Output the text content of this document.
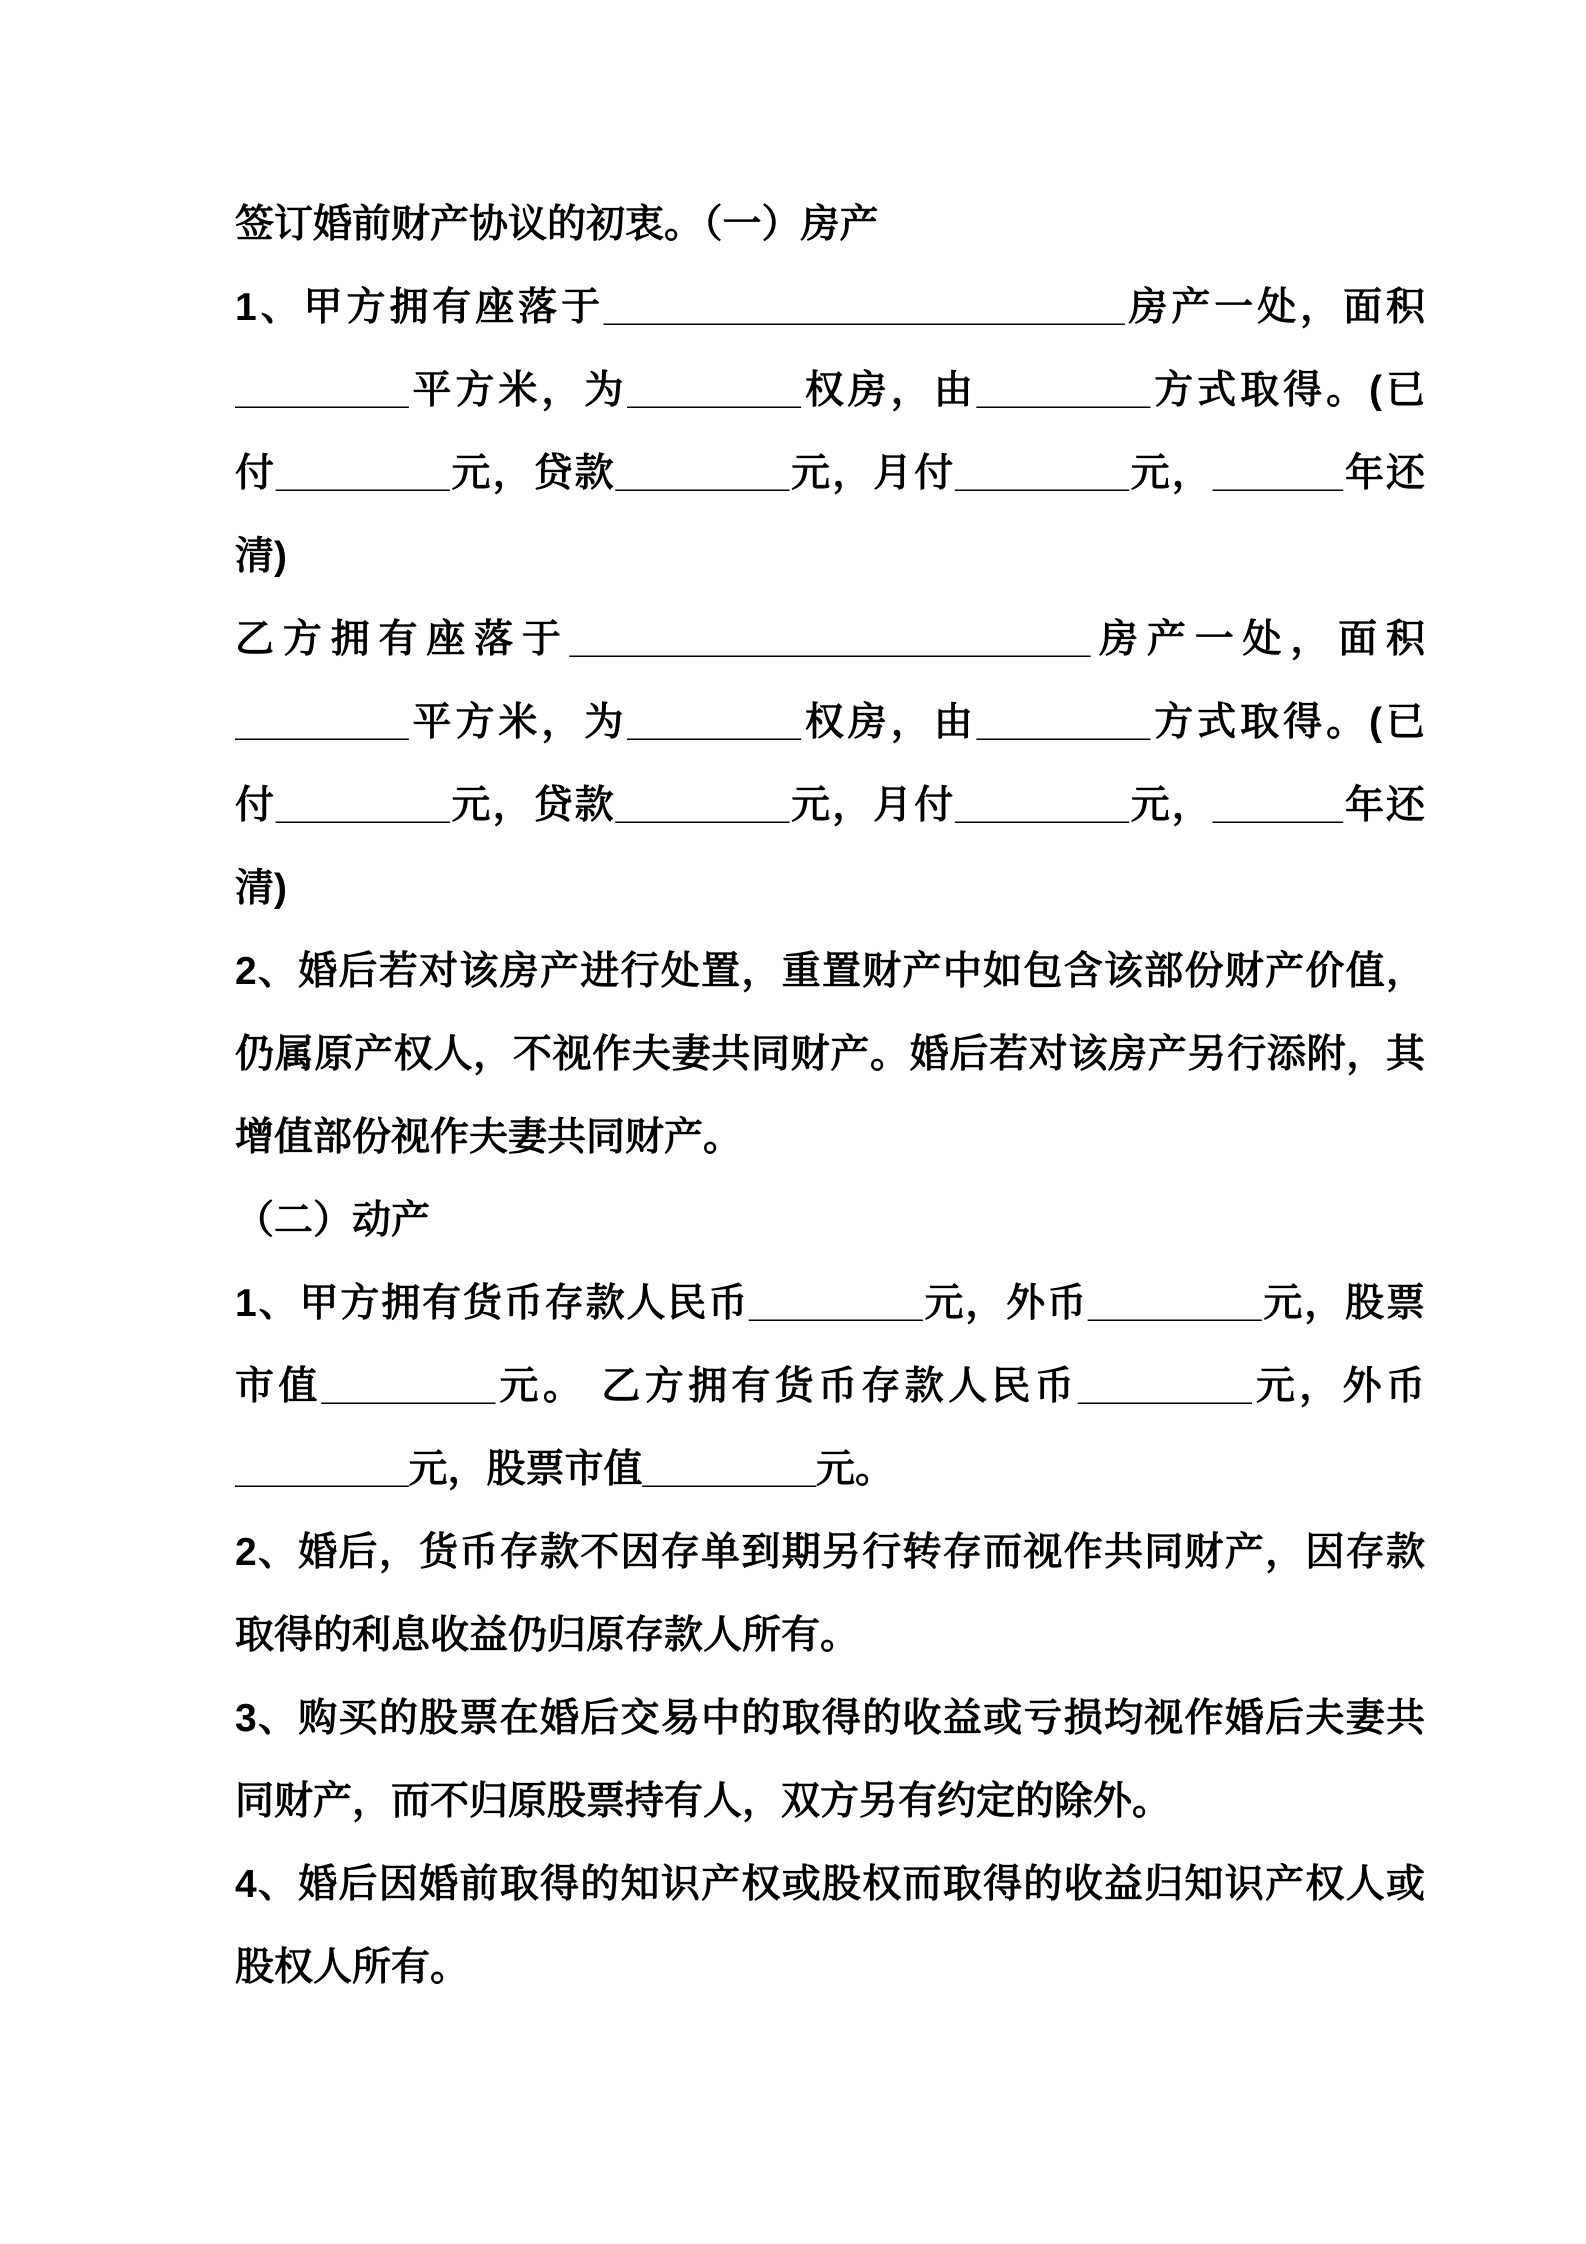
签订婚前财产协议的初衷。（一）房产
1、甲方拥有座落于________________________房产一处，面积
________平方米，为________权房，由________方式取得。(已
付________元，贷款________元，月付________元，______年还
清)
乙方拥有座落于________________________房产一处，面积
________平方米，为________权房，由________方式取得。(已
付________元，贷款________元，月付________元，______年还
清)
2、婚后若对该房产进行处置，重置财产中如包含该部份财产价值，
仍属原产权人，不视作夫妻共同财产。婚后若对该房产另行添附，其
增值部份视作夫妻共同财产。
（二）动产
1、甲方拥有货币存款人民币________元，外币________元，股票
市值________元。 乙方拥有货币存款人民币________元，外币
________元，股票市值________元。
2、婚后，货币存款不因存单到期另行转存而视作共同财产，因存款
取得的利息收益仍归原存款人所有。
3、购买的股票在婚后交易中的取得的收益或亏损均视作婚后夫妻共
同财产，而不归原股票持有人，双方另有约定的除外。
4、婚后因婚前取得的知识产权或股权而取得的收益归知识产权人或
股权人所有。
